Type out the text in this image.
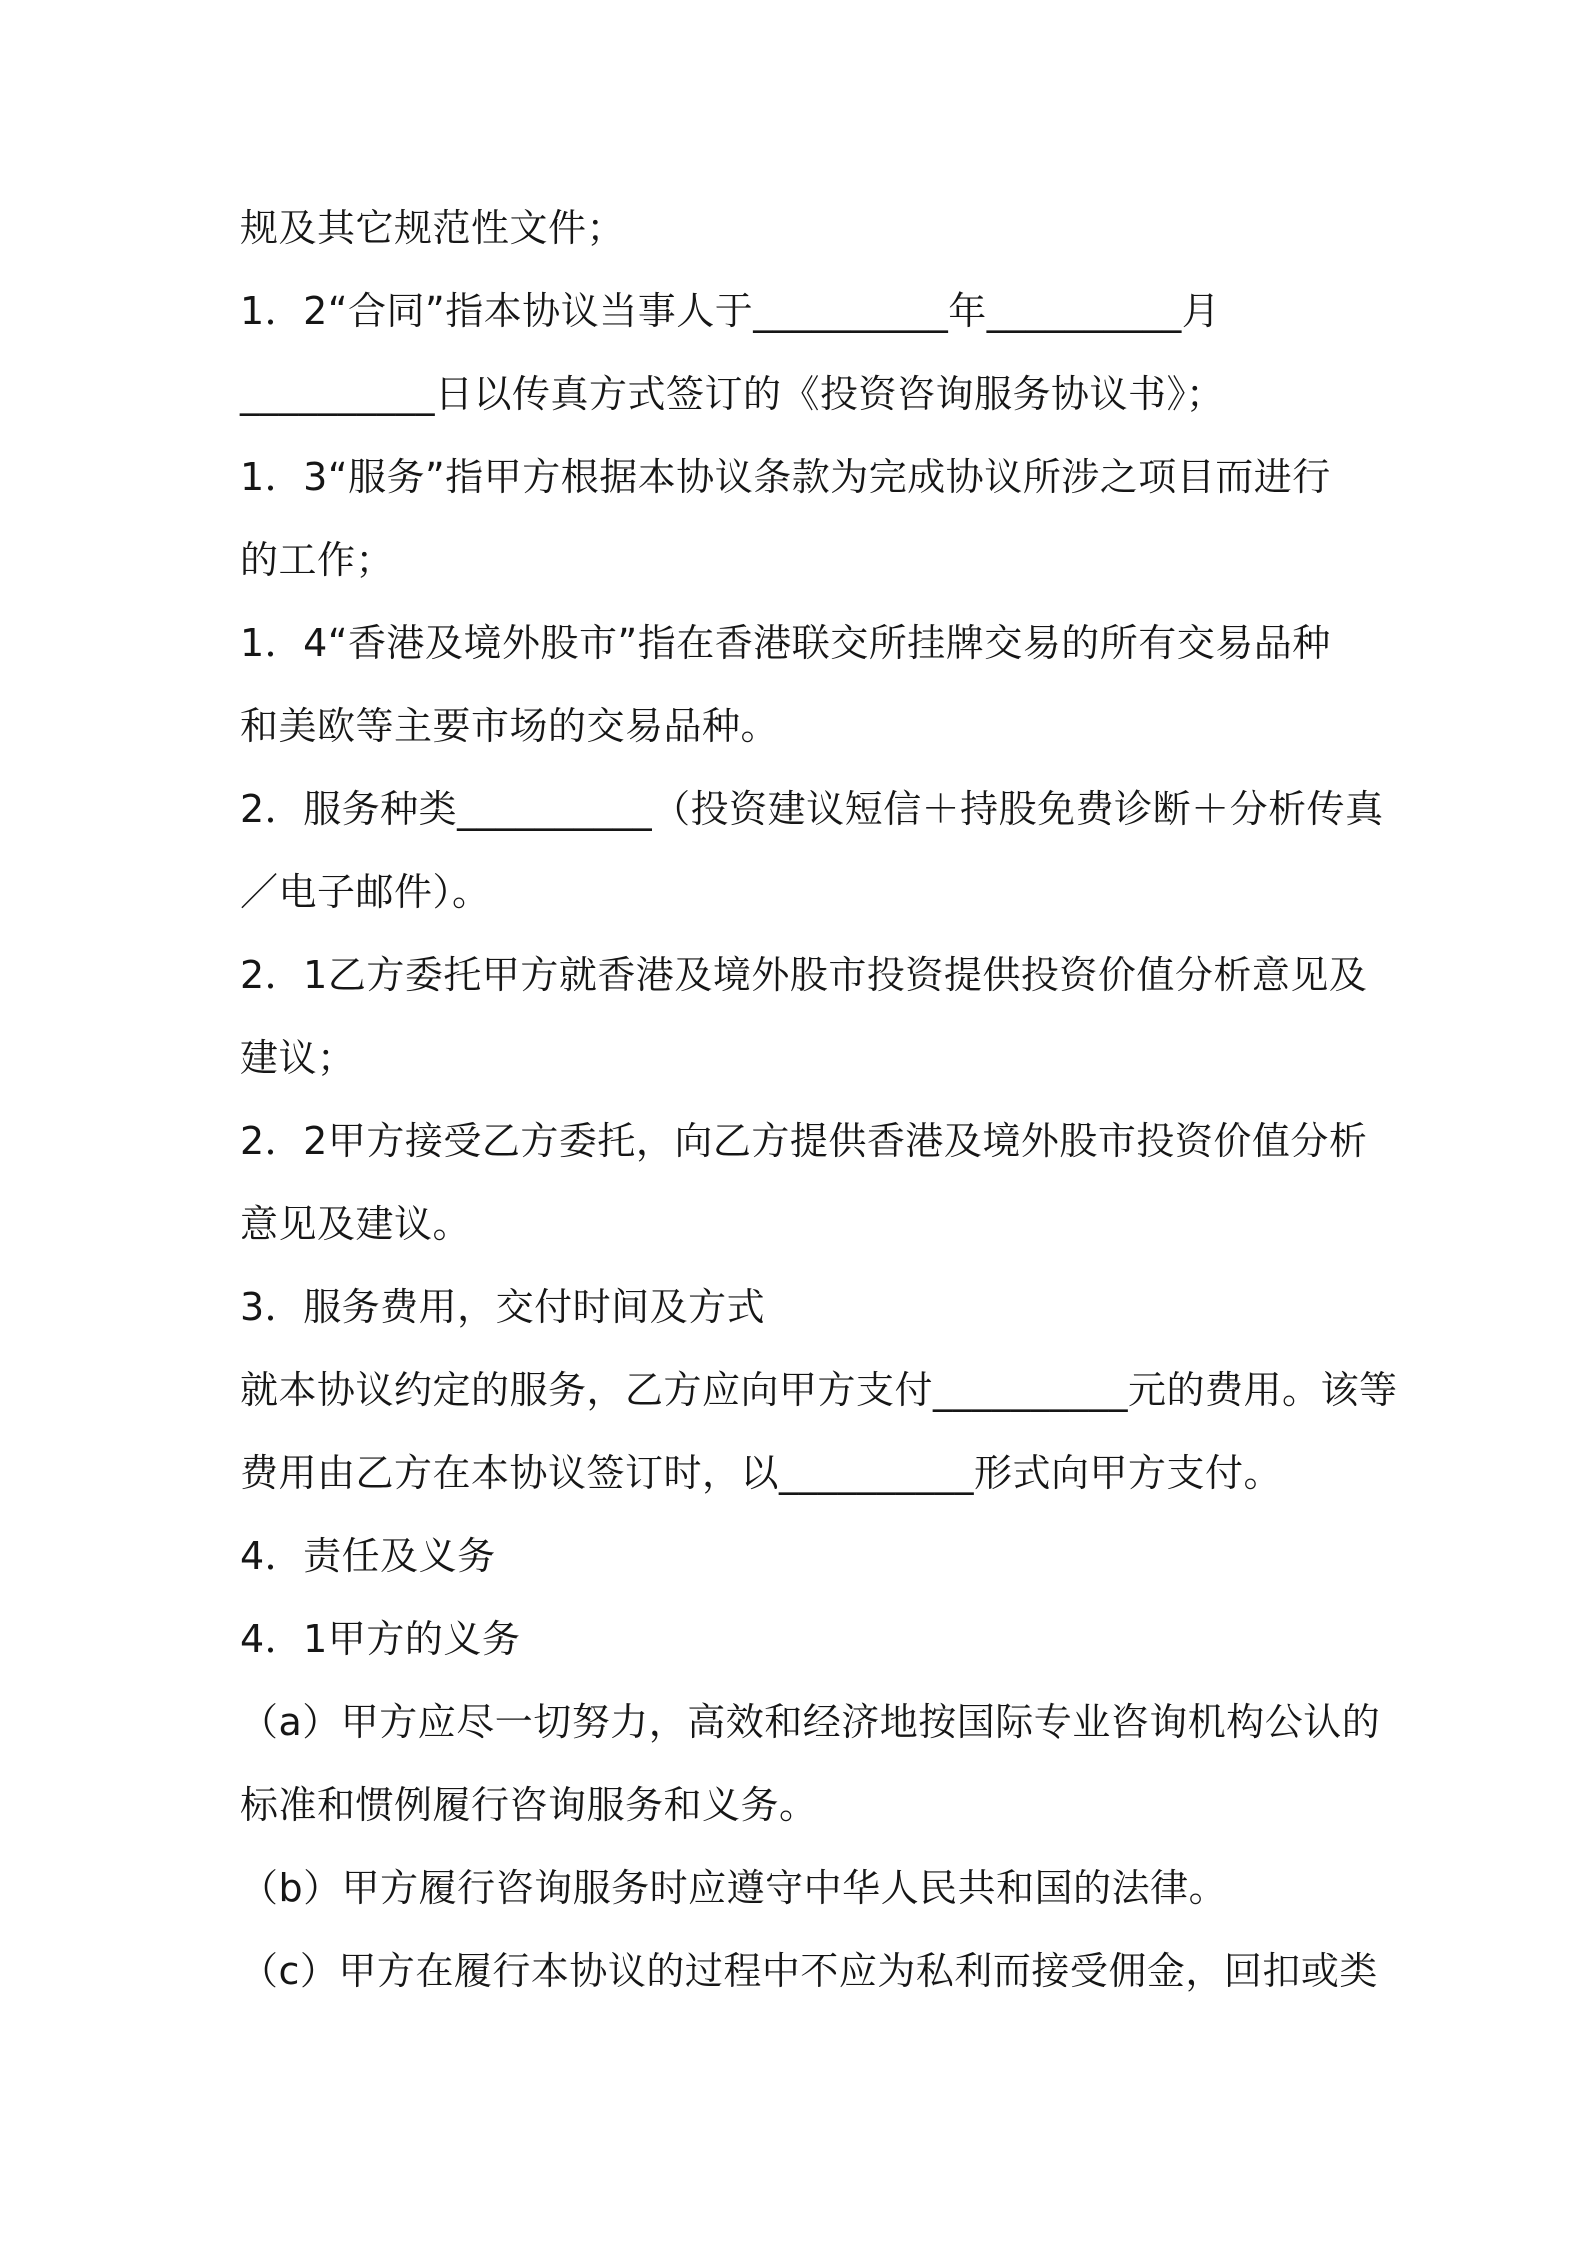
规及其它规范性文件；
1．2“合同”指本协议当事人于__________年__________月
__________日以传真方式签订的《投资咨询服务协议书》；
1．3“服务”指甲方根据本协议条款为完成协议所涉之项目而进行
的工作；
1．4“香港及境外股市”指在香港联交所挂牌交易的所有交易品种
和美欧等主要市场的交易品种。
2．服务种类__________（投资建议短信＋持股免费诊断＋分析传真
／电子邮件）。
2．1乙方委托甲方就香港及境外股市投资提供投资价值分析意见及
建议；
2．2甲方接受乙方委托，向乙方提供香港及境外股市投资价值分析
意见及建议。
3．服务费用，交付时间及方式
就本协议约定的服务，乙方应向甲方支付__________元的费用。该等
费用由乙方在本协议签订时，以__________形式向甲方支付。
4．责任及义务
4．1甲方的义务
（a）甲方应尽一切努力，高效和经济地按国际专业咨询机构公认的
标准和惯例履行咨询服务和义务。
（b）甲方履行咨询服务时应遵守中华人民共和国的法律。
（c）甲方在履行本协议的过程中不应为私利而接受佣金，回扣或类
